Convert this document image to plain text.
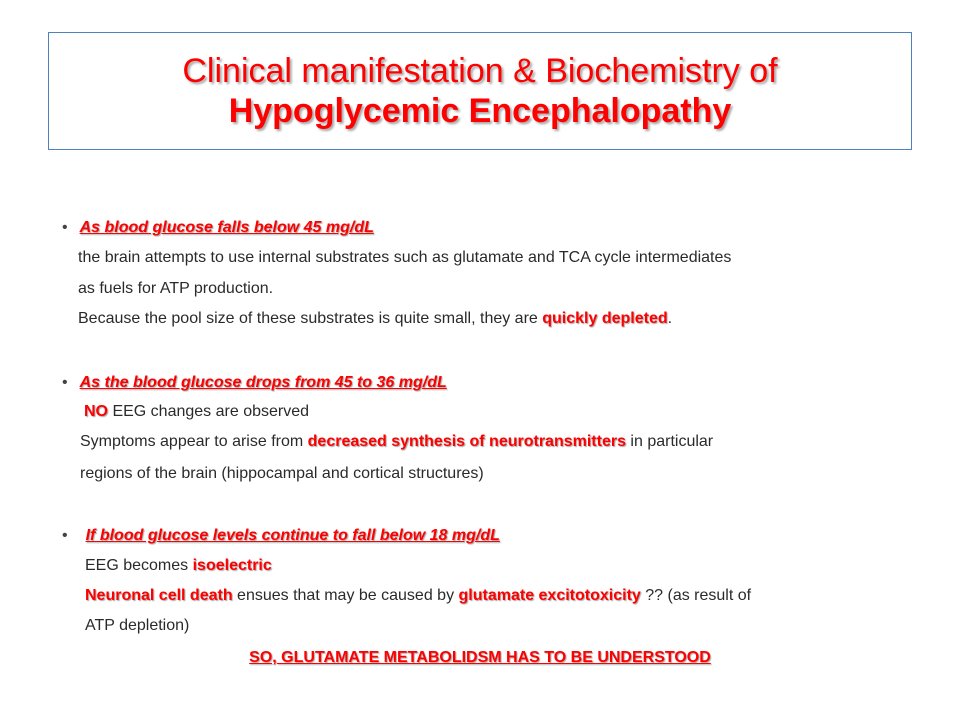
Clinical manifestation & Biochemistry of
Hypoglycemic Encephalopathy
• As blood glucose falls below 45 mg/dL
the brain attempts to use internal substrates such as glutamate and TCA cycle intermediates
as fuels for ATP production.
Because the pool size of these substrates is quite small, they are quickly depleted.
• As the blood glucose drops from 45 to 36 mg/dL
NO EEG changes are observed
Symptoms appear to arise from decreased synthesis of neurotransmitters in particular
regions of the brain (hippocampal and cortical structures)
• If blood glucose levels continue to fall below 18 mg/dL
EEG becomes isoelectric
Neuronal cell death ensues that may be caused by glutamate excitotoxicity ?? (as result of
ATP depletion)
SO, GLUTAMATE METABOLIDSM HAS TO BE UNDERSTOOD
